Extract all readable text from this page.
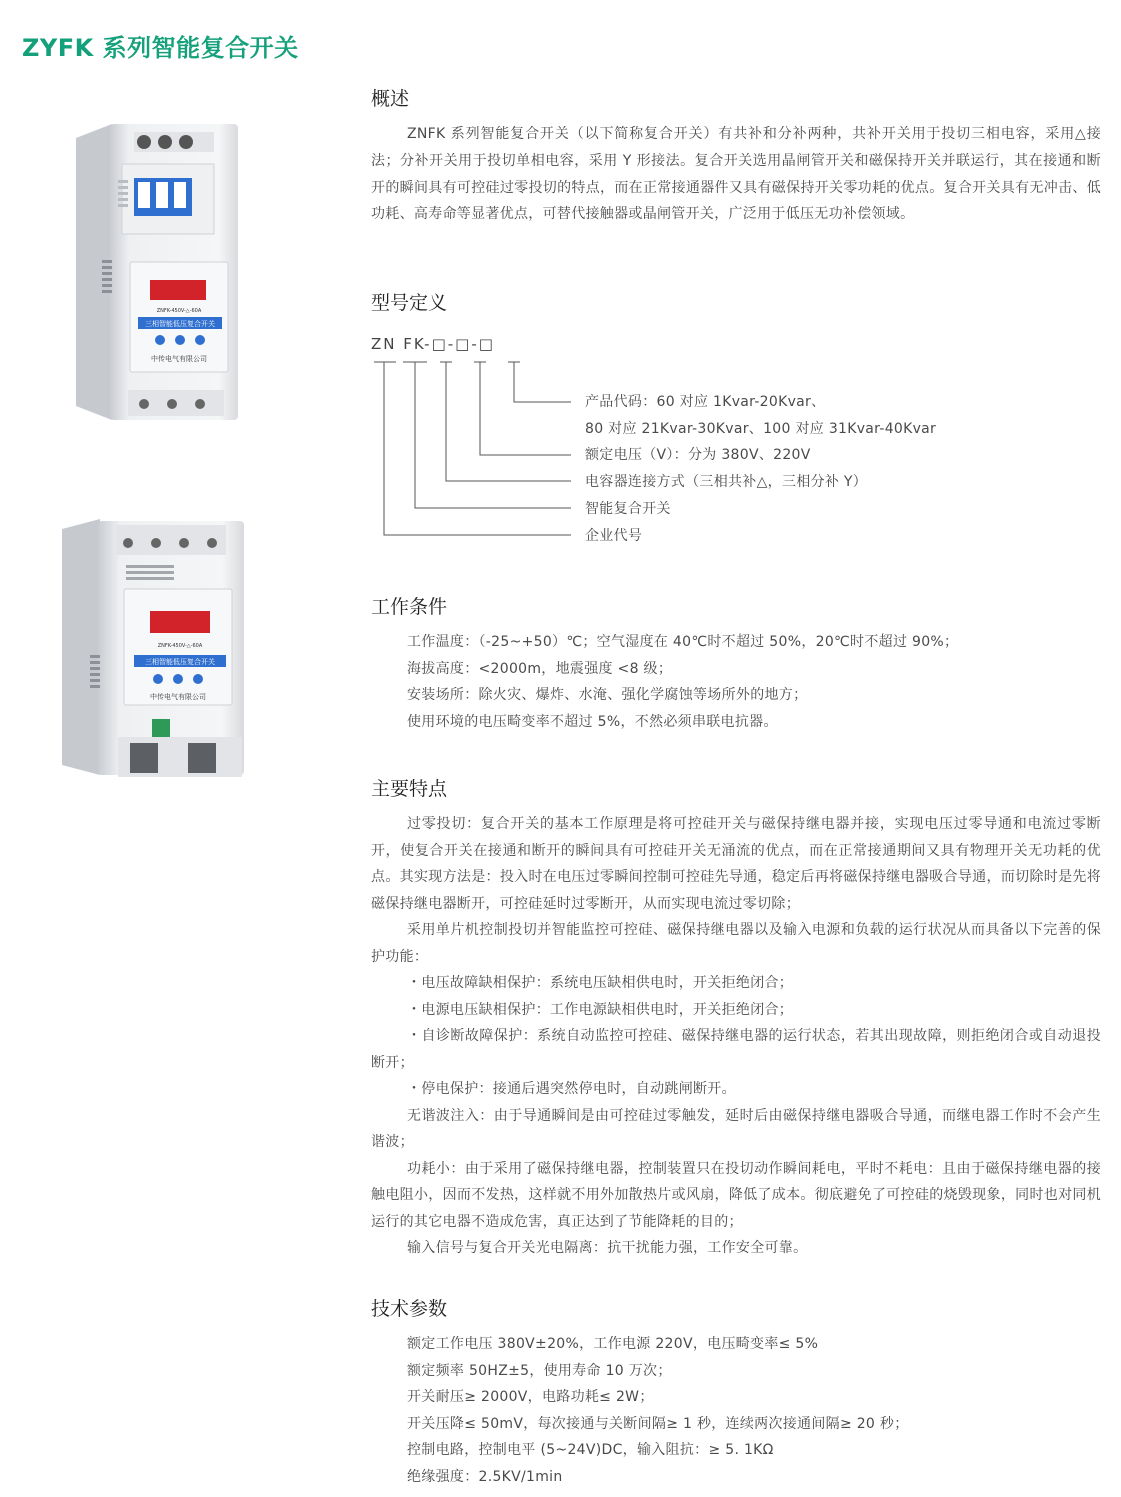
ZYFK 系列智能复合开关
ZNFK-450V-△-60A
三相智能低压复合开关
中传电气有限公司
ZNFK-450V-△-60A
三相智能低压复合开关
中传电气有限公司
概述

ZNFK 系列智能复合开关（以下简称复合开关）有共补和分补两种，共补开关用于投切三相电容，采用△接法；分补开关用于投切单相电容，采用 Y 形接法。复合开关选用晶闸管开关和磁保持开关并联运行，其在接通和断开的瞬间具有可控硅过零投切的特点，而在正常接通器件又具有磁保持开关零功耗的优点。复合开关具有无冲击、低功耗、高寿命等显著优点，可替代接触器或晶闸管开关，广泛用于低压无功补偿领域。

型号定义

ZN FK-□-□-□

产品代码：60 对应 1Kvar-20Kvar、

80 对应 21Kvar-30Kvar、100 对应 31Kvar-40Kvar

额定电压（V）：分为 380V、220V

电容器连接方式（三相共补△，三相分补 Y）

智能复合开关

企业代号

工作条件

工作温度：（-25~+50）℃；空气湿度在 40℃时不超过 50%，20℃时不超过 90%；

海拔高度：<2000m，地震强度 <8 级；

安装场所：除火灾、爆炸、水淹、强化学腐蚀等场所外的地方；

使用环境的电压畸变率不超过 5%，不然必须串联电抗器。

主要特点

过零投切：复合开关的基本工作原理是将可控硅开关与磁保持继电器并接，实现电压过零导通和电流过零断开，使复合开关在接通和断开的瞬间具有可控硅开关无涌流的优点，而在正常接通期间又具有物理开关无功耗的优点。其实现方法是：投入时在电压过零瞬间控制可控硅先导通，稳定后再将磁保持继电器吸合导通，而切除时是先将磁保持继电器断开，可控硅延时过零断开，从而实现电流过零切除；

采用单片机控制投切并智能监控可控硅、磁保持继电器以及输入电源和负载的运行状况从而具备以下完善的保护功能：

・电压故障缺相保护：系统电压缺相供电时，开关拒绝闭合；

・电源电压缺相保护：工作电源缺相供电时，开关拒绝闭合；

・自诊断故障保护：系统自动监控可控硅、磁保持继电器的运行状态，若其出现故障，则拒绝闭合或自动退投断开；

・停电保护：接通后遇突然停电时，自动跳闸断开。

无谐波注入：由于导通瞬间是由可控硅过零触发，延时后由磁保持继电器吸合导通，而继电器工作时不会产生谐波；

功耗小：由于采用了磁保持继电器，控制装置只在投切动作瞬间耗电，平时不耗电：且由于磁保持继电器的接触电阻小，因而不发热，这样就不用外加散热片或风扇，降低了成本。彻底避免了可控硅的烧毁现象，同时也对同机运行的其它电器不造成危害，真正达到了节能降耗的目的；

输入信号与复合开关光电隔离：抗干扰能力强，工作安全可靠。

技术参数

额定工作电压 380V±20%，工作电源 220V，电压畸变率≤ 5%

额定频率 50HZ±5，使用寿命 10 万次；

开关耐压≥ 2000V，电路功耗≤ 2W；

开关压降≤ 50mV，每次接通与关断间隔≥ 1 秒，连续两次接通间隔≥ 20 秒；

控制电路，控制电平 (5~24V)DC，输入阻抗：≥ 5. 1KΩ

绝缘强度：2.5KV/1min
